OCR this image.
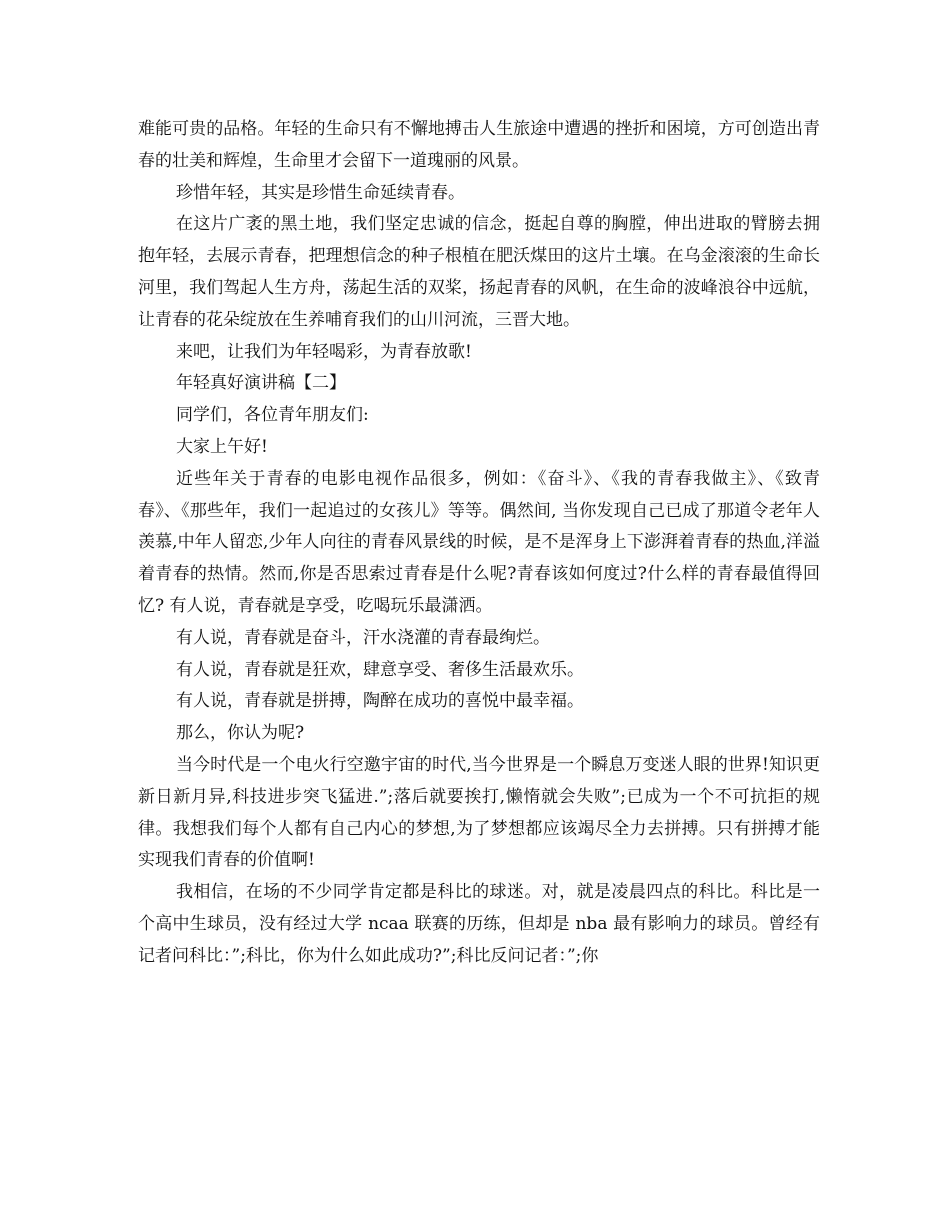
难能可贵的品格。年轻的生命只有不懈地搏击人生旅途中遭遇的挫折和困境，方可创造出青春的壮美和辉煌，生命里才会留下一道瑰丽的风景。

珍惜年轻，其实是珍惜生命延续青春。

在这片广袤的黑土地，我们坚定忠诚的信念，挺起自尊的胸膛，伸出进取的臂膀去拥抱年轻，去展示青春，把理想信念的种子根植在肥沃煤田的这片土壤。在乌金滚滚的生命长河里，我们驾起人生方舟，荡起生活的双桨，扬起青春的风帆，在生命的波峰浪谷中远航，让青春的花朵绽放在生养哺育我们的山川河流，三晋大地。

来吧，让我们为年轻喝彩，为青春放歌!

年轻真好演讲稿【二】

同学们，各位青年朋友们:

大家上午好!

近些年关于青春的电影电视作品很多，例如：《奋斗》、《我的青春我做主》、《致青春》、《那些年，我们一起追过的女孩儿》等等。偶然间, 当你发现自己已成了那道令老年人羡慕,中年人留恋,少年人向往的青春风景线的时候，是不是浑身上下澎湃着青春的热血,洋溢着青春的热情。然而,你是否思索过青春是什么呢?青春该如何度过?什么样的青春最值得回忆? 有人说，青春就是享受，吃喝玩乐最潇洒。

有人说，青春就是奋斗，汗水浇灌的青春最绚烂。

有人说，青春就是狂欢，肆意享受、奢侈生活最欢乐。

有人说，青春就是拼搏，陶醉在成功的喜悦中最幸福。

那么，你认为呢?

当今时代是一个电火行空邀宇宙的时代,当今世界是一个瞬息万变迷人眼的世界!知识更新日新月异,科技进步突飞猛进.”;落后就要挨打,懒惰就会失败”;已成为一个不可抗拒的规律。我想我们每个人都有自己内心的梦想,为了梦想都应该竭尽全力去拼搏。只有拼搏才能实现我们青春的价值啊!

我相信，在场的不少同学肯定都是科比的球迷。对，就是凌晨四点的科比。科比是一个高中生球员，没有经过大学 ncaa 联赛的历练，但却是 nba 最有影响力的球员。曾经有记者问科比：”;科比，你为什么如此成功?”;科比反问记者：”;你
